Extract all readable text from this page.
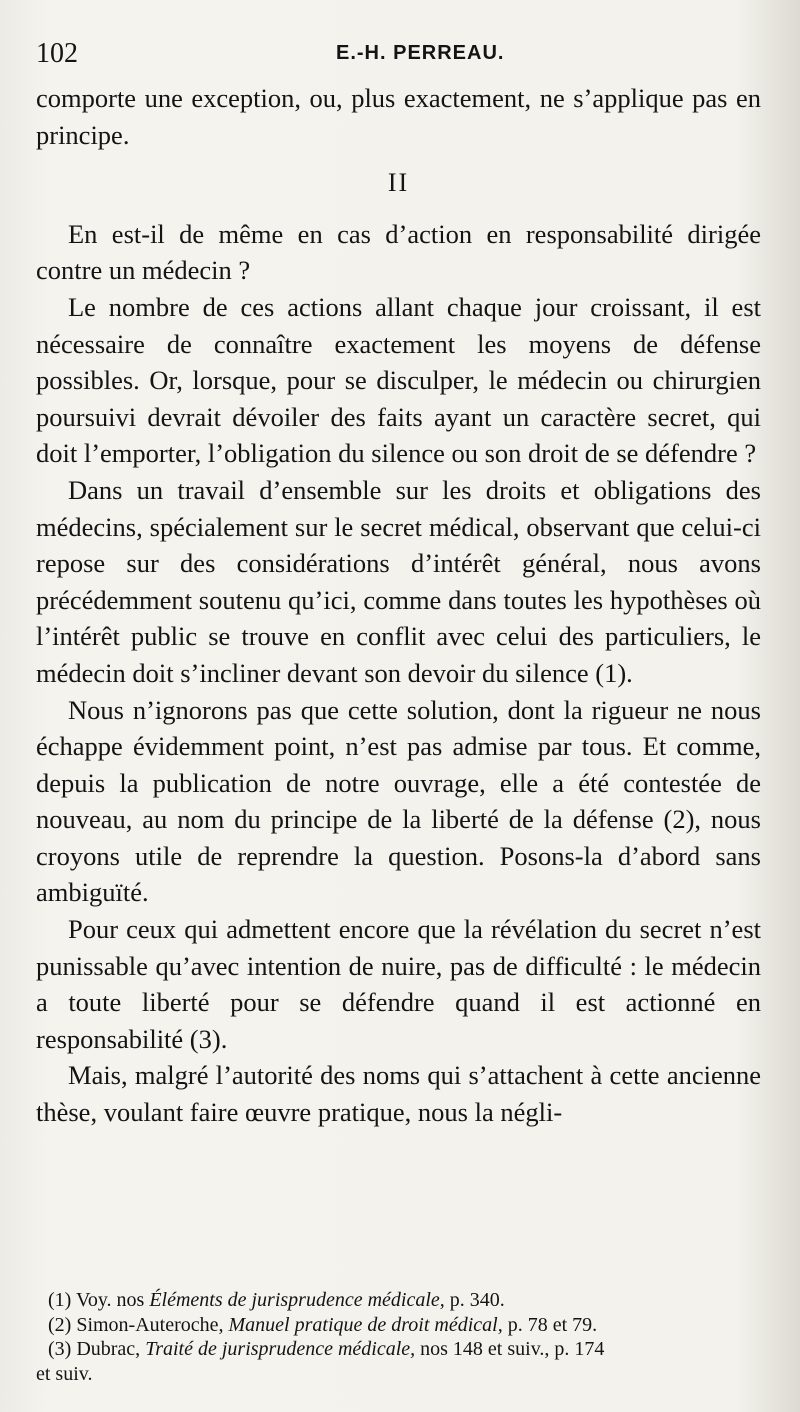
102	E.-H. PERREAU.

comporte une exception, ou, plus exactement, ne s’applique pas en principe.

II

En est-il de même en cas d’action en responsabilité dirigée contre un médecin ?

Le nombre de ces actions allant chaque jour croissant, il est nécessaire de connaître exactement les moyens de défense possibles. Or, lorsque, pour se disculper, le médecin ou chirurgien poursuivi devrait dévoiler des faits ayant un caractère secret, qui doit l’emporter, l’obligation du silence ou son droit de se défendre ?

Dans un travail d’ensemble sur les droits et obligations des médecins, spécialement sur le secret médical, observant que celui-ci repose sur des considérations d’intérêt général, nous avons précédemment soutenu qu’ici, comme dans toutes les hypothèses où l’intérêt public se trouve en conflit avec celui des particuliers, le médecin doit s’incliner devant son devoir du silence (1).

Nous n’ignorons pas que cette solution, dont la rigueur ne nous échappe évidemment point, n’est pas admise par tous. Et comme, depuis la publication de notre ouvrage, elle a été contestée de nouveau, au nom du principe de la liberté de la défense (2), nous croyons utile de reprendre la question. Posons-la d’abord sans ambiguïté.

Pour ceux qui admettent encore que la révélation du secret n’est punissable qu’avec intention de nuire, pas de difficulté : le médecin a toute liberté pour se défendre quand il est actionné en responsabilité (3).

Mais, malgré l’autorité des noms qui s’attachent à cette ancienne thèse, voulant faire œuvre pratique, nous la négli-

(1) Voy. nos Éléments de jurisprudence médicale, p. 340.

(2) Simon-Auteroche, Manuel pratique de droit médical, p. 78 et 79.

(3) Dubrac, Traité de jurisprudence médicale, nos 148 et suiv., p. 174

et suiv.
